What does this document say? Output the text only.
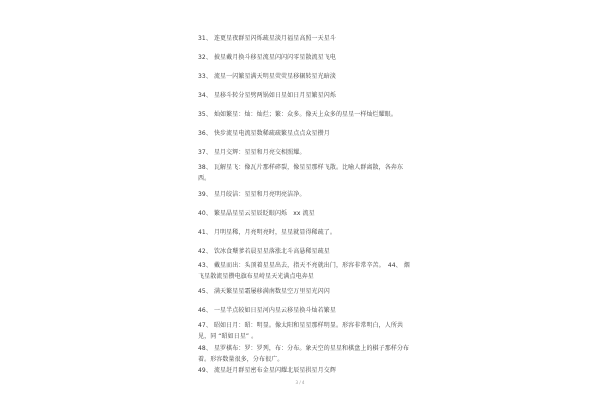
31、 连更星夜群星闪烁疏星淡月福星高照一天星斗
32、 披星戴月换斗移星流星闪闪闪零星散流星飞电
33、 流星一闪繁星满天明星荧荧星移辗转星光暗淡
34、 星移斗转分星劈两锅如日星如日月星繁星闪烁
35、 灿如繁星：灿：灿烂；繁：众多。像天上众多的星星一样灿烂耀眼。
36、 快步流星电流星数稀疏疏繁星点点众星攒月
37、 星月交辉：星星和月亮交相照耀。
38、 瓦解星飞：像瓦片那样碎裂，像星星那样飞散。比喻人群离散，各奔东西。
39、 星月皎洁：星星和月亮明亮洁净。
40、 繁星晶星星云星辰眨眼闪烁　xx 流星
41、 月明星稀，月亮明亮时，星星就显得稀疏了。
42、 饮冰食蘖爹若晨星星落涨北斗高悬稀星疏星
43、 戴星而出：头顶着星星出去，指天不亮就出门，形容非常辛苦。　44、 烟飞星散流星攒电旗布星峙星天光满点电奔星
45、 满天繁星星霜屡移满南数星空万里星光闪闪
46、 一星半点较如日星河内星云移星换斗灿若繁星
47、 昭如日月：昭：明显。像太阳和星星那样明显。形容非常明白，人所共见，同 “昭如日星” 。
48、 星罗棋布：罗：罗列，布：分布。象天空的星星和棋盘上的棋子那样分布着。形容数量很多，分布很广。
49、 流星赶月群星密布金星闪耀北辰星拱星月交辉
3 / 4
